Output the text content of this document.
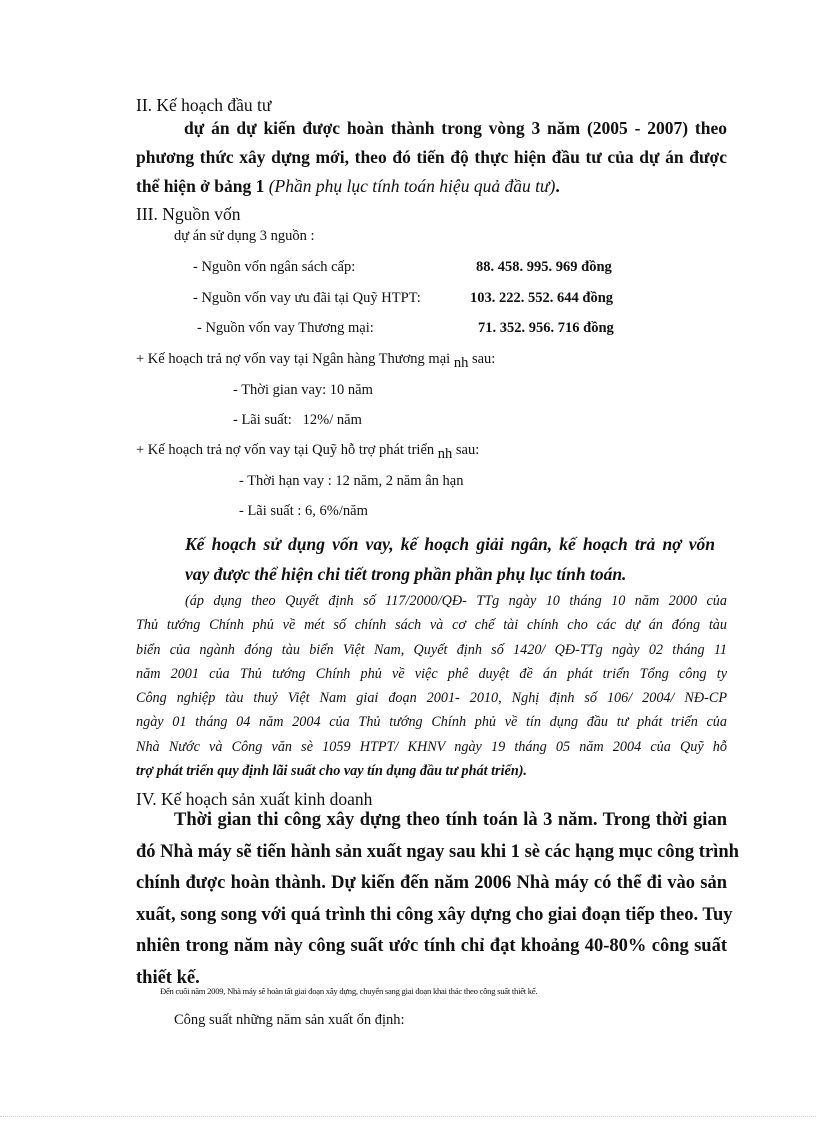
II. Kế hoạch đầu tư
dự án dự kiến được hoàn thành trong vòng 3 năm (2005 - 2007) theo
phương thức xây dựng mới, theo đó tiến độ thực hiện đầu tư của dự án được
thể hiện ở bảng 1 (Phần phụ lục tính toán hiệu quả đầu tư).
III. Nguồn vốn
dự án sử dụng 3 nguồn :
- Nguồn vốn ngân sách cấp:	88. 458. 995. 969 đồng
- Nguồn vốn vay ưu đãi tại Quỹ HTPT:	103. 222. 552. 644 đồng
- Nguồn vốn vay Thương mại:	71. 352. 956. 716 đồng
+ Kế hoạch trả nợ vốn vay tại Ngân hàng Thương mại nh sau:
- Thời gian vay: 10 năm
- Lãi suất:   12%/ năm
+ Kế hoạch trả nợ vốn vay tại Quỹ hỗ trợ phát triển nh sau:
- Thời hạn vay : 12 năm, 2 năm ân hạn
- Lãi suất : 6, 6%/năm
Kế hoạch sử dụng vốn vay, kế hoạch giải ngân, kế hoạch trả nợ vốn
vay được thể hiện chi tiết trong phần phần phụ lục tính toán.
(áp dụng theo Quyết định số 117/2000/QĐ- TTg ngày 10 tháng 10 năm 2000 của
Thủ tướng Chính phủ về mét số chính sách và cơ chế tài chính cho các dự án đóng tàu
biển của ngành đóng tàu biển Việt Nam, Quyết định số 1420/ QĐ-TTg ngày 02 tháng 11
năm 2001 của Thủ tướng Chính phủ về việc phê duyệt đề án phát triển Tổng công ty
Công nghiệp tàu thuỷ Việt Nam giai đoạn 2001- 2010, Nghị định số 106/ 2004/ NĐ-CP
ngày 01 tháng 04 năm 2004 của Thủ tướng Chính phủ về tín dụng đầu tư phát triển của
Nhà Nước và Công văn sè 1059 HTPT/ KHNV ngày 19 tháng 05 năm 2004 của Quỹ hỗ
trợ phát triển quy định lãi suất cho vay tín dụng đầu tư phát triển).
IV. Kế hoạch sản xuất kinh doanh
Thời gian thi công xây dựng theo tính toán là 3 năm. Trong thời gian
đó Nhà máy sẽ tiến hành sản xuất ngay sau khi 1 sè các hạng mục công trình
chính được hoàn thành. Dự kiến đến năm 2006 Nhà máy có thể đi vào sản
xuất, song song với quá trình thi công xây dựng cho giai đoạn tiếp theo. Tuy
nhiên trong năm này công suất ước tính chỉ đạt khoảng 40-80% công suất
thiết kế.
Đến cuối năm 2009, Nhà máy sẽ hoàn tất giai đoạn xây dựng, chuyển sang giai đoạn khai thác theo công suất thiết kế.
Công suất những năm sản xuất ổn định:
